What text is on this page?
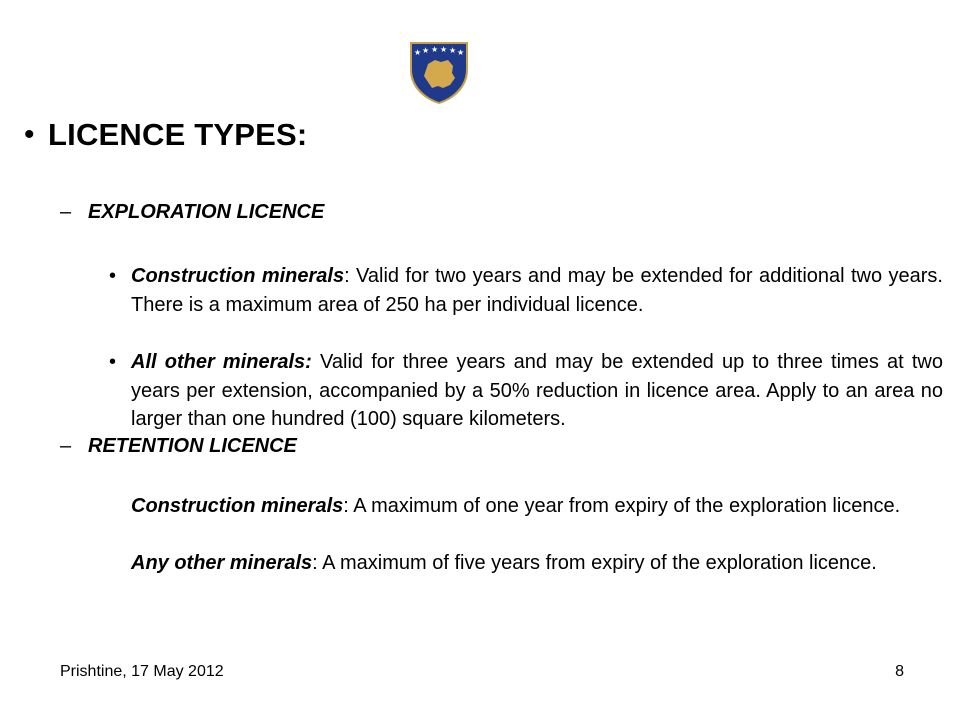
★ ★ ★ ★ ★ ★
• LICENCE TYPES:
– EXPLORATION LICENCE
• Construction minerals: Valid for two years and may be extended for additional two years. There is a maximum area of 250 ha per individual licence.
• All other minerals: Valid for three years and may be extended up to three times at two years per extension, accompanied by a 50% reduction in licence area. Apply to an area no larger than one hundred (100) square kilometers.
– RETENTION LICENCE
Construction minerals: A maximum of one year from expiry of the exploration licence.
Any other minerals: A maximum of five years from expiry of the exploration licence.
Prishtine, 17 May 2012	8
